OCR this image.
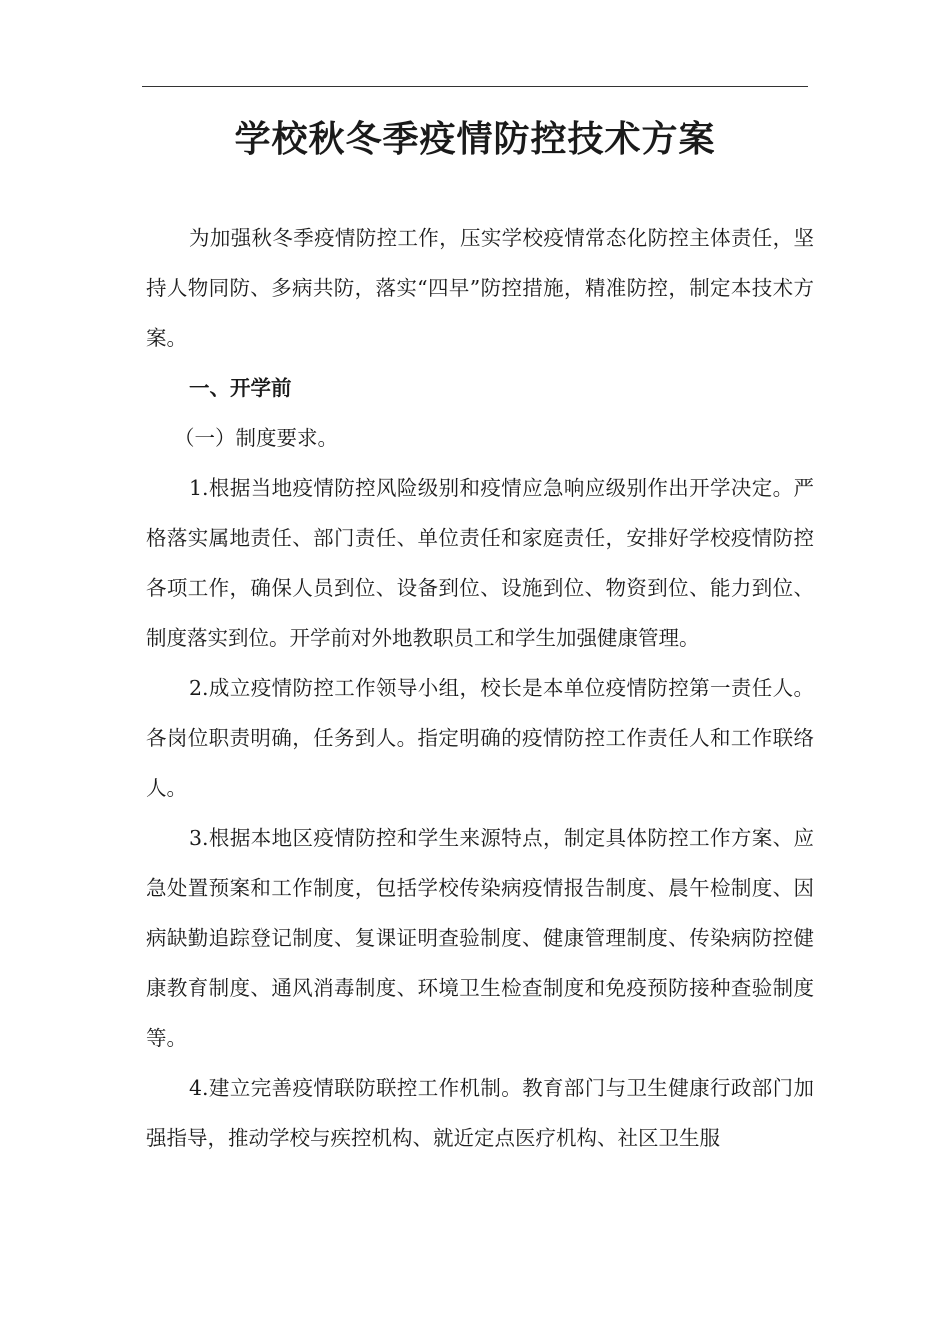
学校秋冬季疫情防控技术方案

为加强秋冬季疫情防控工作，压实学校疫情常态化防控主体责任，坚持人物同防、多病共防，落实“四早”防控措施，精准防控，制定本技术方案。

一、开学前

（一）制度要求。

1.根据当地疫情防控风险级别和疫情应急响应级别作出开学决定。严格落实属地责任、部门责任、单位责任和家庭责任，安排好学校疫情防控各项工作，确保人员到位、设备到位、设施到位、物资到位、能力到位、制度落实到位。开学前对外地教职员工和学生加强健康管理。

2.成立疫情防控工作领导小组，校长是本单位疫情防控第一责任人。各岗位职责明确，任务到人。指定明确的疫情防控工作责任人和工作联络人。

3.根据本地区疫情防控和学生来源特点，制定具体防控工作方案、应急处置预案和工作制度，包括学校传染病疫情报告制度、晨午检制度、因病缺勤追踪登记制度、复课证明查验制度、健康管理制度、传染病防控健康教育制度、通风消毒制度、环境卫生检查制度和免疫预防接种查验制度等。

4.建立完善疫情联防联控工作机制。教育部门与卫生健康行政部门加强指导，推动学校与疾控机构、就近定点医疗机构、社区卫生服
